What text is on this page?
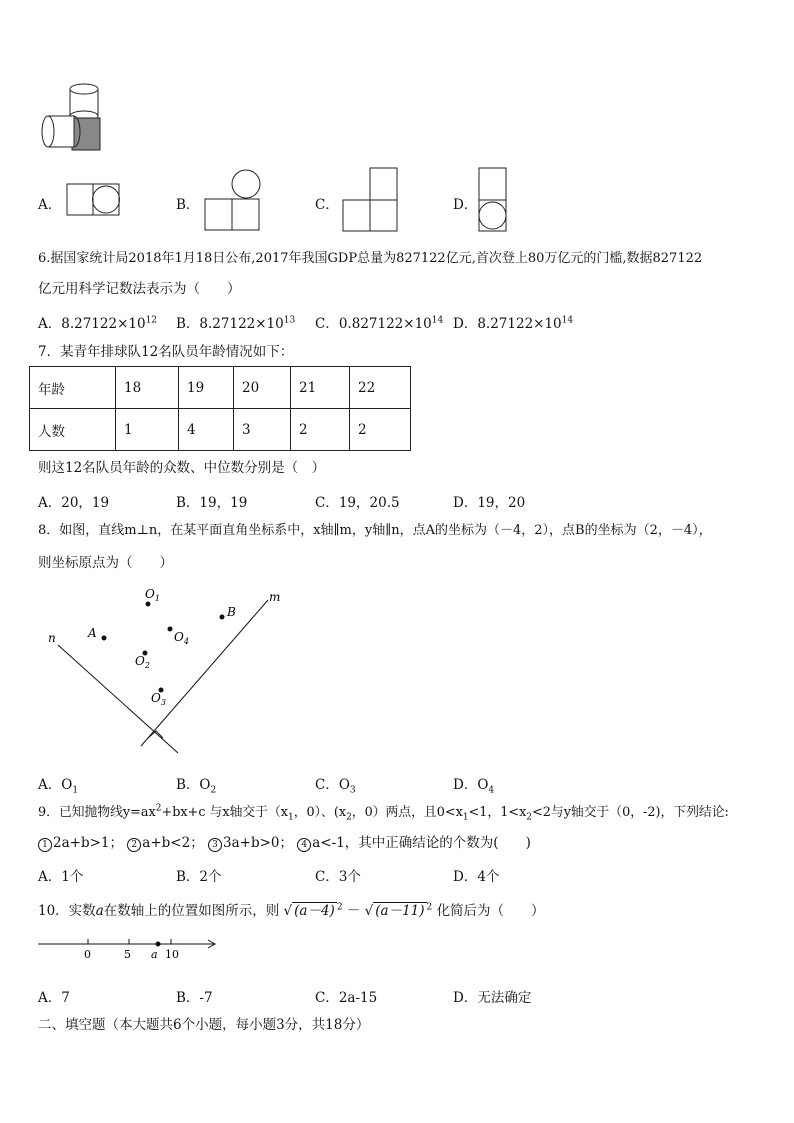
A．	B．	C．	D．
6.据国家统计局2018年1月18日公布,2017年我国GDP总量为827122亿元,首次登上80万亿元的门槛,数据827122
亿元用科学记数法表示为（　　）
A．$8.27122\times 10^{12}$ B．$8.27122\times 10^{13}$ C．$0.827122\times 10^{14}$ D．$8.27122\times 10^{14}$
7．某青年排球队12名队员年龄情况如下：
年龄	18	19	20	21	22
人数	1	4	3	2	2
则这12名队员年龄的众数、中位数分别是（　）
A．20，19	B．19，19	C．19，20.5	D．19，20
8．如图，直线m⊥n，在某平面直角坐标系中，x轴∥m，y轴∥n，点A的坐标为（－4，2），点B的坐标为（2，－4），
则坐标原点为（　　）
m
n	A
B
$O_1$
$O_4$
$O_2$
$O_3$
A．$O_1$	B．$O_2$	C．$O_3$	D．$O_4$
9．已知抛物线$y=ax^2+bx+c$ 与x轴交于（$x_1$，0）、($x_2$，0）两点，且$0<x_1<1$，$1<x_2<2$与y轴交于（0，-2)，下列结论:
1 2a+b>1； 2 a+b<2； 3 3a+b>0； 4 a<-1，其中正确结论的个数为(　　)
A．1个	B．2个	C．3个	D．4个
10．实数a在数轴上的位置如图所示，则 √ (a－4) $^2$ － √ (a－11) $^2$ 化简后为（　　）
0	5 a 10
A．7	B．-7	C．2a-15	D．无法确定
二、填空题（本大题共6个小题，每小题3分，共18分）
